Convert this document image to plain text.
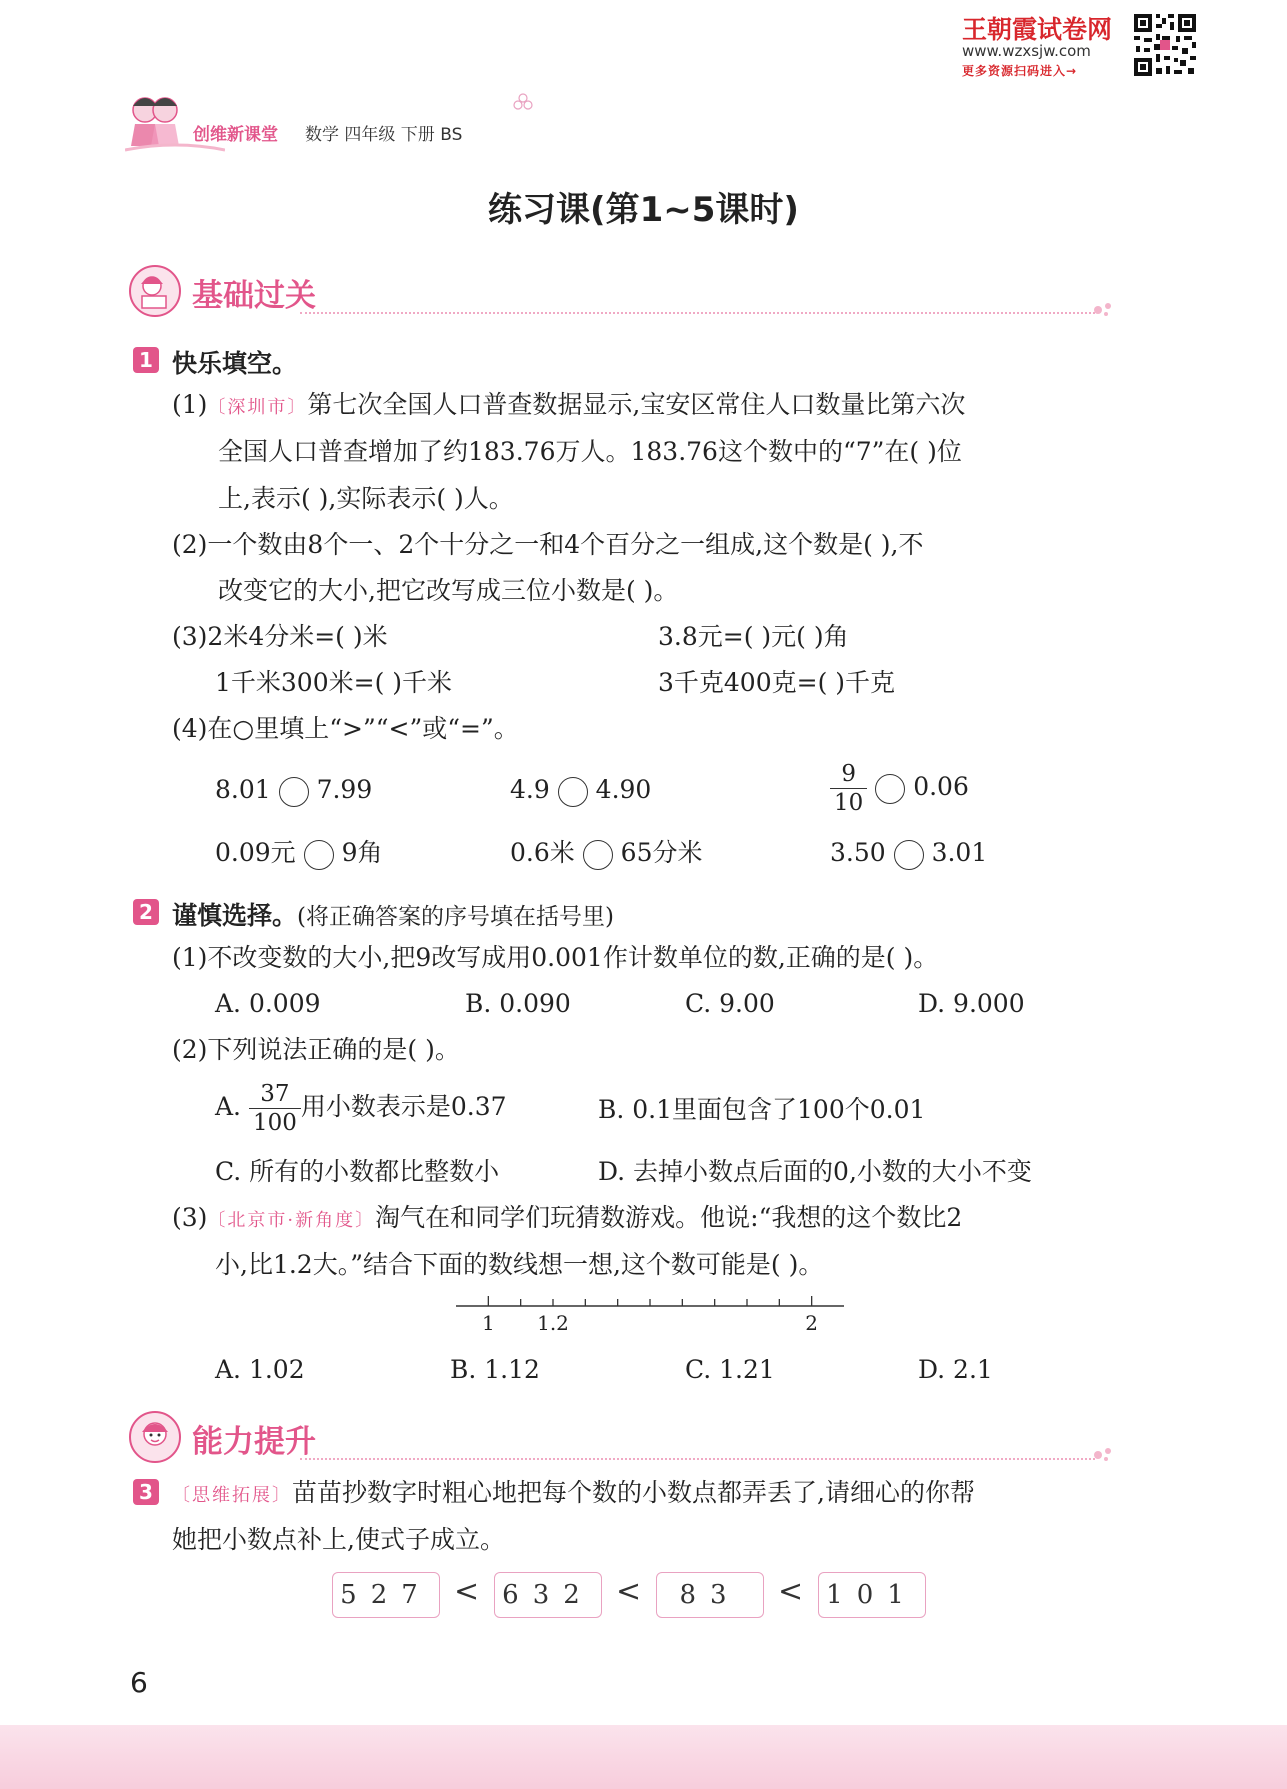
王朝霞试卷网
www.wzxsjw.com
更多资源扫码进入→
创维新课堂 数学 四年级 下册 BS
练习课(第1~5课时)
基础过关
1 快乐填空。
(1)〔深圳市〕第七次全国人口普查数据显示,宝安区常住人口数量比第六次
全国人口普查增加了约183.76万人。183.76这个数中的“7”在( )位
上,表示( ),实际表示( )人。
(2)一个数由8个一、2个十分之一和4个百分之一组成,这个数是( ),不
改变它的大小,把它改写成三位小数是( )。
(3)2米4分米=( )米	3.8元=( )元( )角
1千米300米=( )千米	3千克400克=( )千克
(4)在○里填上“>”“<”或“=”。
8.01 7.99	4.9 4.90	$\frac{9}{10} 0.06$
0.09元 9角	0.6米 65分米	3.50 3.01
2 谨慎选择。(将正确答案的序号填在括号里)
(1)不改变数的大小,把9改写成用0.001作计数单位的数,正确的是( )。
A. 0.009	B. 0.090	C. 9.00	D. 9.000
(2)下列说法正确的是( )。
A. $\frac{37}{100}$ 用小数表示是0.37	B. 0.1里面包含了100个0.01
C. 所有的小数都比整数小	D. 去掉小数点后面的0,小数的大小不变
(3)〔北京市·新角度〕淘气在和同学们玩猜数游戏。他说:“我想的这个数比2
小,比1.2大。”结合下面的数线想一想,这个数可能是( )。
1 1.2	2
A. 1.02	B. 1.12	C. 1.21	D. 2.1
能力提升
3	〔思维拓展〕苗苗抄数字时粗心地把每个数的小数点都弄丢了,请细心的你帮
她把小数点补上,使式子成立。
527 < 632 <	83	< 101
6
